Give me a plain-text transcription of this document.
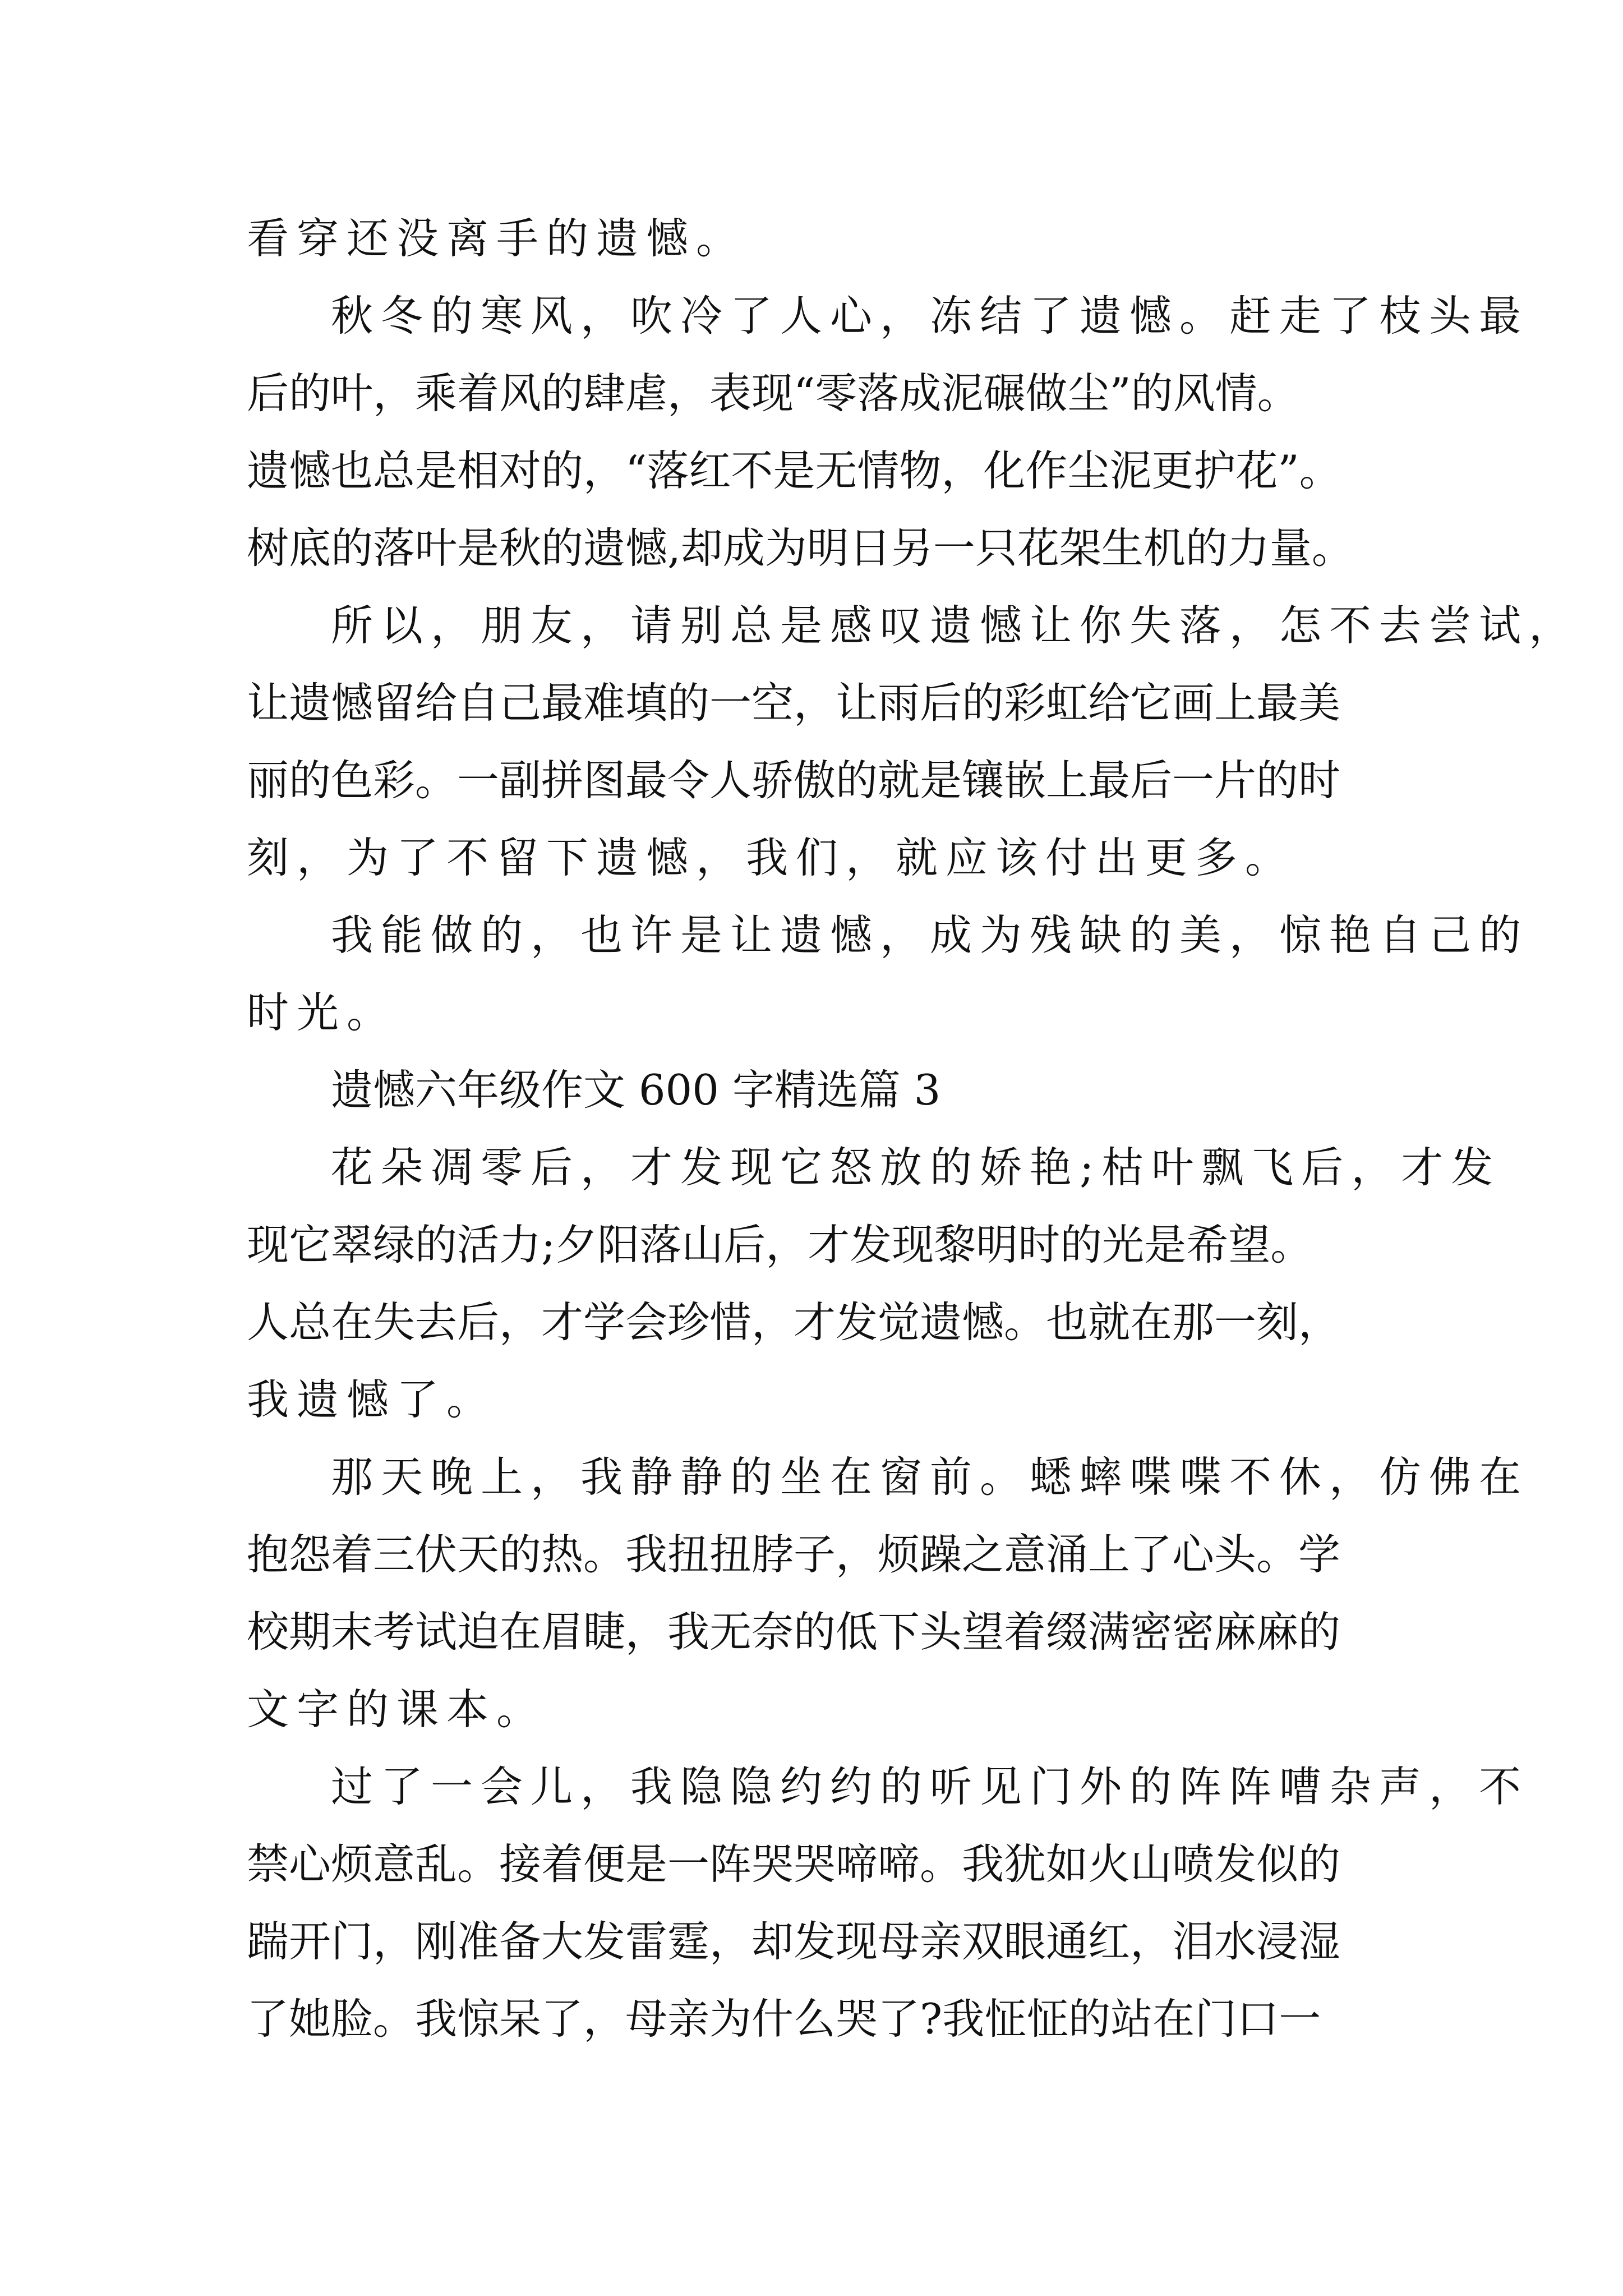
看穿还没离手的遗憾。
秋冬的寒风，吹冷了人心，冻结了遗憾。赶走了枝头最
后的叶，乘着风的肆虐，表现“零落成泥碾做尘”的风情。
遗憾也总是相对的，“落红不是无情物，化作尘泥更护花”。
树底的落叶是秋的遗憾,却成为明日另一只花架生机的力量。
所以，朋友，请别总是感叹遗憾让你失落，怎不去尝试，
让遗憾留给自己最难填的一空，让雨后的彩虹给它画上最美
丽的色彩。一副拼图最令人骄傲的就是镶嵌上最后一片的时
刻，为了不留下遗憾，我们，就应该付出更多。
我能做的，也许是让遗憾，成为残缺的美，惊艳自己的
时光。
遗憾六年级作文 600 字精选篇 3
花朵凋零后，才发现它怒放的娇艳;枯叶飘飞后，才发
现它翠绿的活力;夕阳落山后，才发现黎明时的光是希望。
人总在失去后，才学会珍惜，才发觉遗憾。也就在那一刻，
我遗憾了。
那天晚上，我静静的坐在窗前。蟋蟀喋喋不休，仿佛在
抱怨着三伏天的热。我扭扭脖子，烦躁之意涌上了心头。学
校期末考试迫在眉睫，我无奈的低下头望着缀满密密麻麻的
文字的课本。
过了一会儿，我隐隐约约的听见门外的阵阵嘈杂声，不
禁心烦意乱。接着便是一阵哭哭啼啼。我犹如火山喷发似的
踹开门，刚准备大发雷霆，却发现母亲双眼通红，泪水浸湿
了她脸。我惊呆了，母亲为什么哭了?我怔怔的站在门口一
